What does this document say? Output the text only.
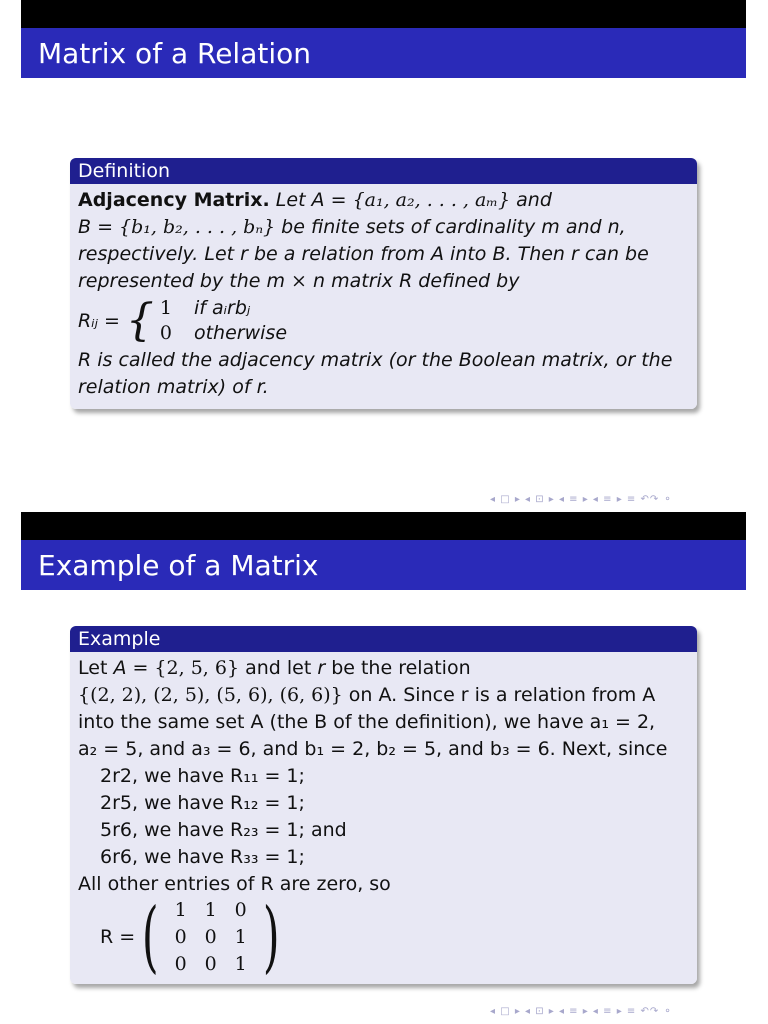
Matrix of a Relation
Definition
Adjacency Matrix. Let A = {a₁, a₂, . . . , aₘ} and
B = {b₁, b₂, . . . , bₙ} be finite sets of cardinality m and n,
respectively. Let r be a relation from A into B. Then r can be
represented by the m × n matrix R defined by
Rᵢⱼ = { 1 if aᵢrbⱼ
0 otherwise
R is called the adjacency matrix (or the Boolean matrix, or the
relation matrix) of r.
◂ □ ▸ ◂ ⊡ ▸ ◂ ≡ ▸ ◂ ≡ ▸ ≡ ↶↷ ⚬
Example of a Matrix
Example
Let A = {2, 5, 6} and let r be the relation
{(2, 2), (2, 5), (5, 6), (6, 6)} on A. Since r is a relation from A
into the same set A (the B of the definition), we have a₁ = 2,
a₂ = 5, and a₃ = 6, and b₁ = 2, b₂ = 5, and b₃ = 6. Next, since
2r2, we have R₁₁ = 1;
2r5, we have R₁₂ = 1;
5r6, we have R₂₃ = 1; and
6r6, we have R₃₃ = 1;
All other entries of R are zero, so
R = ( 1 1 0
0 0 1
0 0 1 )
◂ □ ▸ ◂ ⊡ ▸ ◂ ≡ ▸ ◂ ≡ ▸ ≡ ↶↷ ⚬
